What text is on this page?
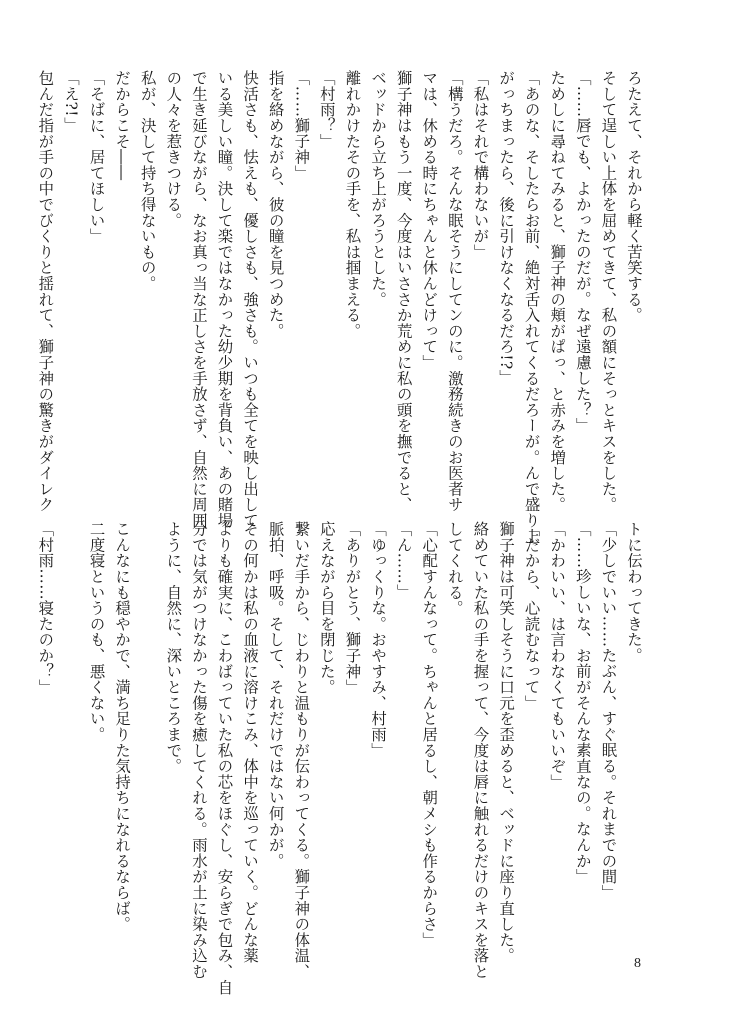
ろたえて、それから軽く苦笑する。
そして逞しい上体を屈めてきて、私の額にそっとキスをした。
「……唇でも、よかったのだが。なぜ遠慮した？」
ためしに尋ねてみると、獅子神の頬がぱっ、と赤みを増した。
「あのな、そしたらお前、絶対舌入れてくるだろーが。んで盛り上
がっちまったら、後に引けなくなるだろ!?」
「私はそれで構わないが」
「構うだろ。そんな眠そうにしてンのに。激務続きのお医者サ
マは、休める時にちゃんと休んどけって」
獅子神はもう一度、今度はいささか荒めに私の頭を撫でると、
ベッドから立ち上がろうとした。
離れかけたその手を、私は掴まえる。
「村雨？」
「……獅子神」
指を絡めながら、彼の瞳を見つめた。
快活さも、怯えも、優しさも、強さも。いつも全てを映し出して
いる美しい瞳。決して楽ではなかった幼少期を背負い、あの賭場
で生き延びながら、なお真っ当な正しさを手放さず、自然に周囲
の人々を惹きつける。
私が、決して持ち得ないもの。
だからこそ――
「そばに、居てほしい」
「え?!」
包んだ指が手の中でびくりと揺れて、獅子神の驚きがダイレク
トに伝わってきた。
「少しでいい……たぶん、すぐ眠る。それまでの間」
「……珍しいな、お前がそんな素直なの。なんか」
「かわいい、は言わなくてもいいぞ」
「だから、心読むなって」
獅子神は可笑しそうに口元を歪めると、ベッドに座り直した。
絡めていた私の手を握って、今度は唇に触れるだけのキスを落と
してくれる。
「心配すんなって。ちゃんと居るし、朝メシも作るからさ」
「ん……」
「ゆっくりな。おやすみ、村雨」
「ありがとう、獅子神」
応えながら目を閉じた。
繋いだ手から、じわりと温もりが伝わってくる。獅子神の体温、
脈拍、呼吸。そして、それだけではない何かが。
その何かは私の血液に溶けこみ、体中を巡っていく。どんな薬
よりも確実に、こわばっていた私の芯をほぐし、安らぎで包み、自
分では気がつけなかった傷を癒してくれる。雨水が土に染み込む
ように、自然に、深いところまで。
こんなにも穏やかで、満ち足りた気持ちになれるならば。
二度寝というのも、悪くない。
「村雨……寝たのか？」
8
